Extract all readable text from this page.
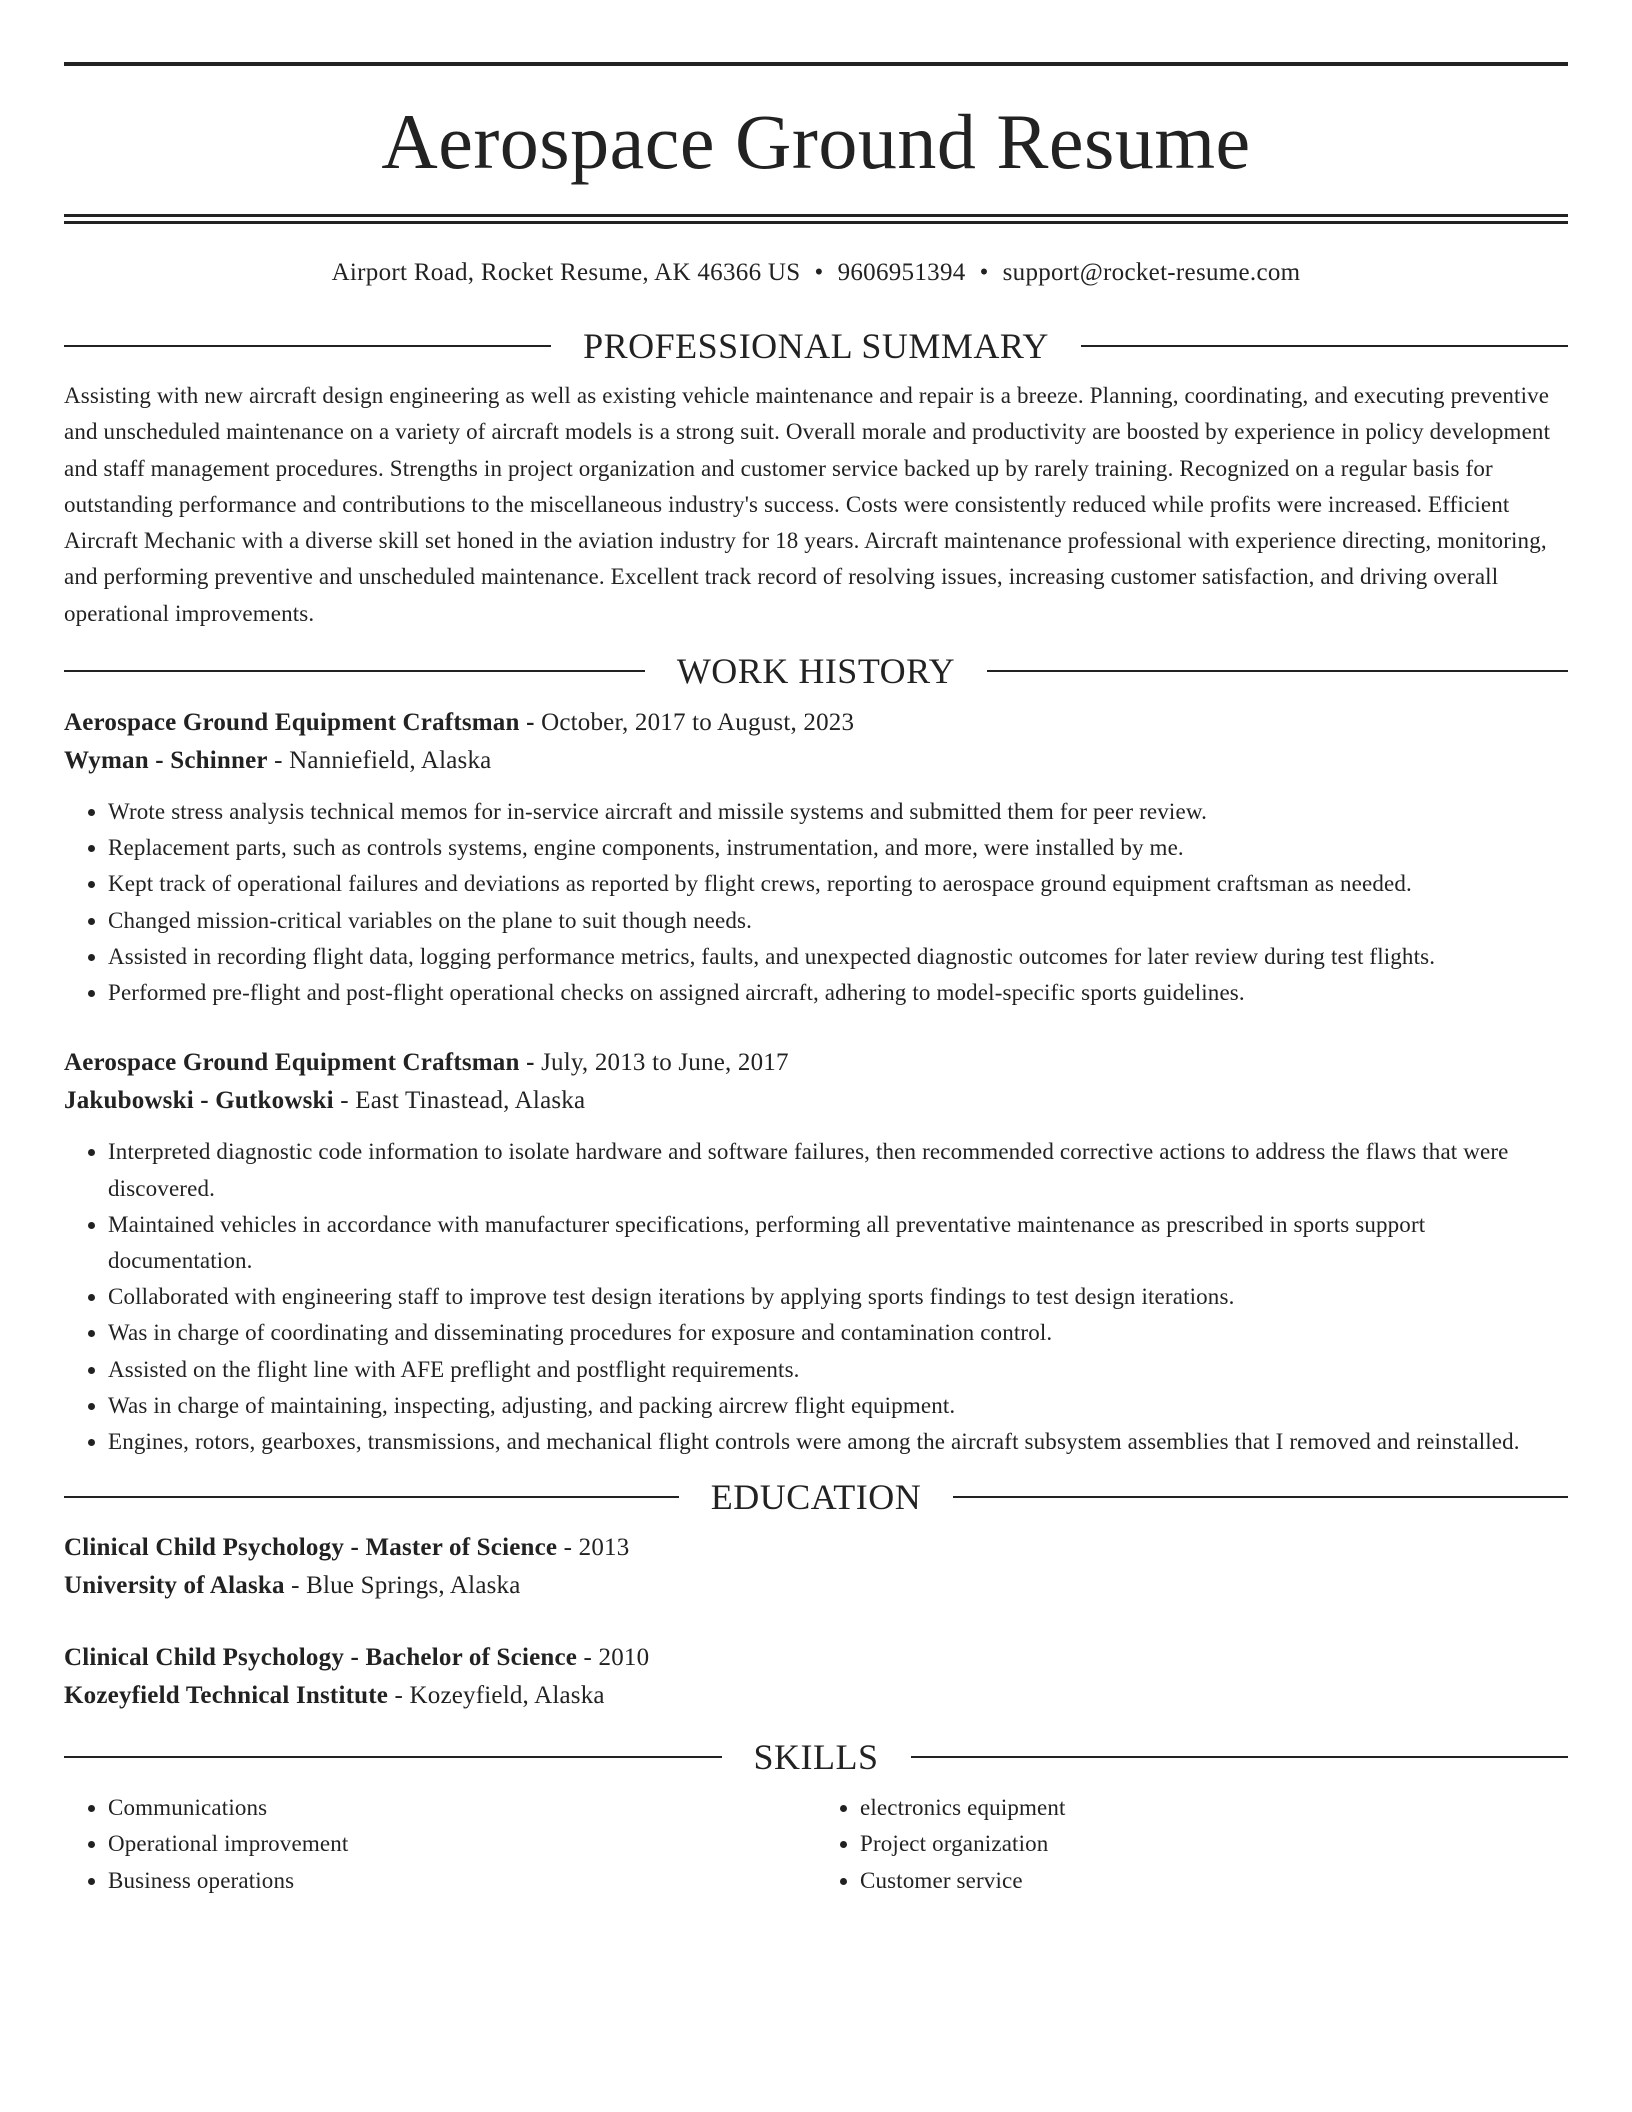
Aerospace Ground Resume
Airport Road, Rocket Resume, AK 46366 US • 9606951394 • support@rocket-resume.com
PROFESSIONAL SUMMARY

Assisting with new aircraft design engineering as well as existing vehicle maintenance and repair is a breeze. Planning, coordinating, and executing preventive and unscheduled maintenance on a variety of aircraft models is a strong suit. Overall morale and productivity are boosted by experience in policy development and staff management procedures. Strengths in project organization and customer service backed up by rarely training. Recognized on a regular basis for outstanding performance and contributions to the miscellaneous industry's success. Costs were consistently reduced while profits were increased. Efficient Aircraft Mechanic with a diverse skill set honed in the aviation industry for 18 years. Aircraft maintenance professional with experience directing, monitoring, and performing preventive and unscheduled maintenance. Excellent track record of resolving issues, increasing customer satisfaction, and driving overall operational improvements.

WORK HISTORY
Aerospace Ground Equipment Craftsman - October, 2017 to August, 2023
Wyman - Schinner - Nanniefield, Alaska
• Wrote stress analysis technical memos for in-service aircraft and missile systems and submitted them for peer review.
• Replacement parts, such as controls systems, engine components, instrumentation, and more, were installed by me.
• Kept track of operational failures and deviations as reported by flight crews, reporting to aerospace ground equipment craftsman as needed.
• Changed mission-critical variables on the plane to suit though needs.
• Assisted in recording flight data, logging performance metrics, faults, and unexpected diagnostic outcomes for later review during test flights.
• Performed pre-flight and post-flight operational checks on assigned aircraft, adhering to model-specific sports guidelines.
Aerospace Ground Equipment Craftsman - July, 2013 to June, 2017
Jakubowski - Gutkowski - East Tinastead, Alaska
• Interpreted diagnostic code information to isolate hardware and software failures, then recommended corrective actions to address the flaws that were discovered.
• Maintained vehicles in accordance with manufacturer specifications, performing all preventative maintenance as prescribed in sports support documentation.
• Collaborated with engineering staff to improve test design iterations by applying sports findings to test design iterations.
• Was in charge of coordinating and disseminating procedures for exposure and contamination control.
• Assisted on the flight line with AFE preflight and postflight requirements.
• Was in charge of maintaining, inspecting, adjusting, and packing aircrew flight equipment.
• Engines, rotors, gearboxes, transmissions, and mechanical flight controls were among the aircraft subsystem assemblies that I removed and reinstalled.
EDUCATION
Clinical Child Psychology - Master of Science - 2013
University of Alaska - Blue Springs, Alaska
Clinical Child Psychology - Bachelor of Science - 2010
Kozeyfield Technical Institute - Kozeyfield, Alaska
SKILLS
• Communications
• Operational improvement
• Business operations
• electronics equipment
• Project organization
• Customer service
